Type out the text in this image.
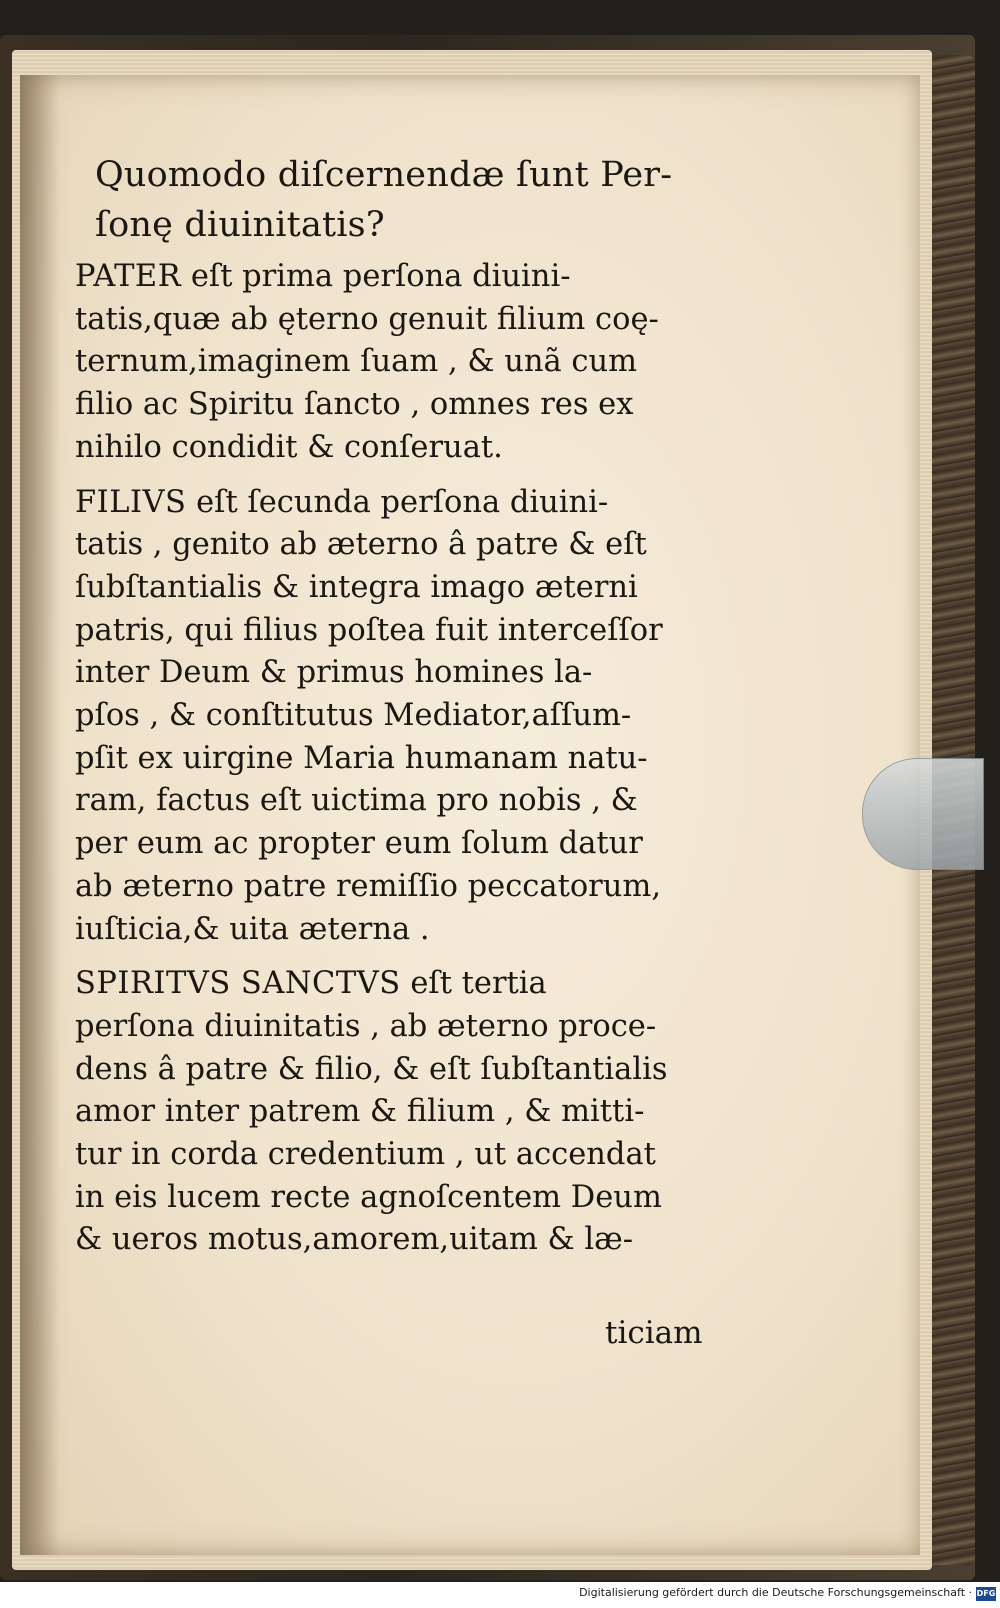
Quomodo diſcernendæ ſunt Per-
ſonę diuinitatis?

PATER eſt prima perſona diuini-
tatis,quæ ab ęterno genuit filium coę-
ternum,imaginem ſuam , & unã cum
filio ac Spiritu ſancto , omnes res ex
nihilo condidit & conſeruat.

FILIVS eſt ſecunda perſona diuini-
tatis , genito ab æterno â patre & eſt
ſubſtantialis & integra imago æterni
patris, qui filius poſtea fuit interceſſor
inter Deum & primus homines la-
pſos , & conſtitutus Mediator,aſſum-
pſit ex uirgine Maria humanam natu-
ram, factus eſt uictima pro nobis , &
per eum ac propter eum ſolum datur
ab æterno patre remiſſio peccatorum,
iuſticia,& uita æterna .

SPIRITVS SANCTVS eſt tertia
perſona diuinitatis , ab æterno proce-
dens â patre & filio, & eſt ſubſtantialis
amor inter patrem & filium , & mitti-
tur in corda credentium , ut accendat
in eis lucem recte agnoſcentem Deum
& ueros motus,amorem,uitam & læ-

ticiam
Digitalisierung gefördert durch die Deutsche Forschungsgemeinschaft · DFG
